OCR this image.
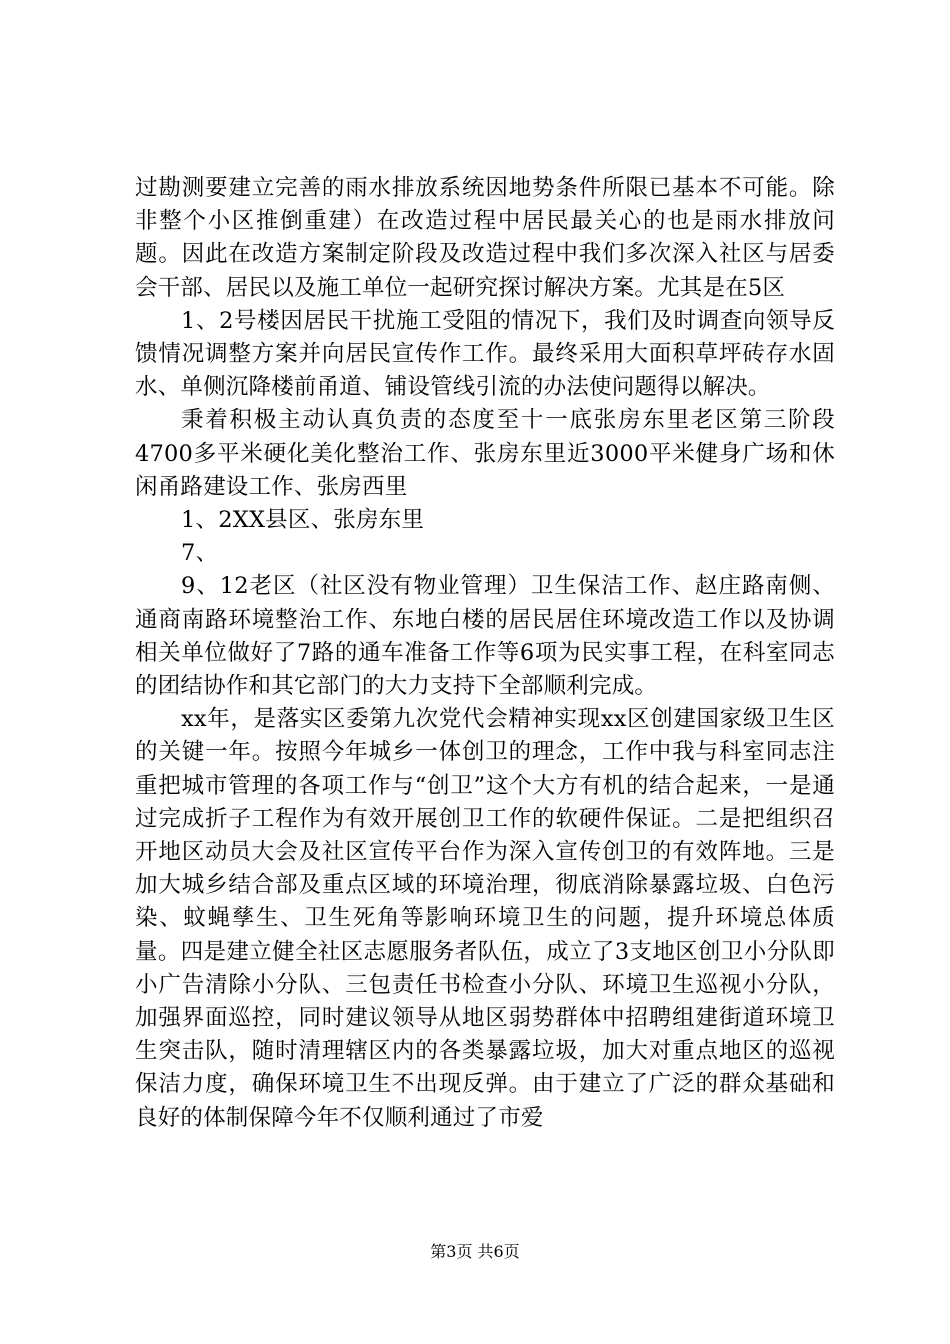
过勘测要建立完善的雨水排放系统因地势条件所限已基本不可能。除非整个小区推倒重建）在改造过程中居民最关心的也是雨水排放问题。因此在改造方案制定阶段及改造过程中我们多次深入社区与居委会干部、居民以及施工单位一起研究探讨解决方案。尤其是在5区

1、2号楼因居民干扰施工受阻的情况下，我们及时调查向领导反馈情况调整方案并向居民宣传作工作。最终采用大面积草坪砖存水固水、单侧沉降楼前甬道、铺设管线引流的办法使问题得以解决。

秉着积极主动认真负责的态度至十一底张房东里老区第三阶段4700多平米硬化美化整治工作、张房东里近3000平米健身广场和休闲甬路建设工作、张房西里

1、2XX县区、张房东里

7、

9、12老区（社区没有物业管理）卫生保洁工作、赵庄路南侧、通商南路环境整治工作、东地白楼的居民居住环境改造工作以及协调相关单位做好了7路的通车准备工作等6项为民实事工程，在科室同志的团结协作和其它部门的大力支持下全部顺利完成。

xx年，是落实区委第九次党代会精神实现xx区创建国家级卫生区的关键一年。按照今年城乡一体创卫的理念，工作中我与科室同志注重把城市管理的各项工作与“创卫”这个大方有机的结合起来，一是通过完成折子工程作为有效开展创卫工作的软硬件保证。二是把组织召开地区动员大会及社区宣传平台作为深入宣传创卫的有效阵地。三是加大城乡结合部及重点区域的环境治理，彻底消除暴露垃圾、白色污染、蚊蝇孳生、卫生死角等影响环境卫生的问题，提升环境总体质量。四是建立健全社区志愿服务者队伍，成立了3支地区创卫小分队即小广告清除小分队、三包责任书检查小分队、环境卫生巡视小分队，加强界面巡控，同时建议领导从地区弱势群体中招聘组建街道环境卫生突击队，随时清理辖区内的各类暴露垃圾，加大对重点地区的巡视保洁力度，确保环境卫生不出现反弹。由于建立了广泛的群众基础和良好的体制保障今年不仅顺利通过了市爱

第3页 共6页
